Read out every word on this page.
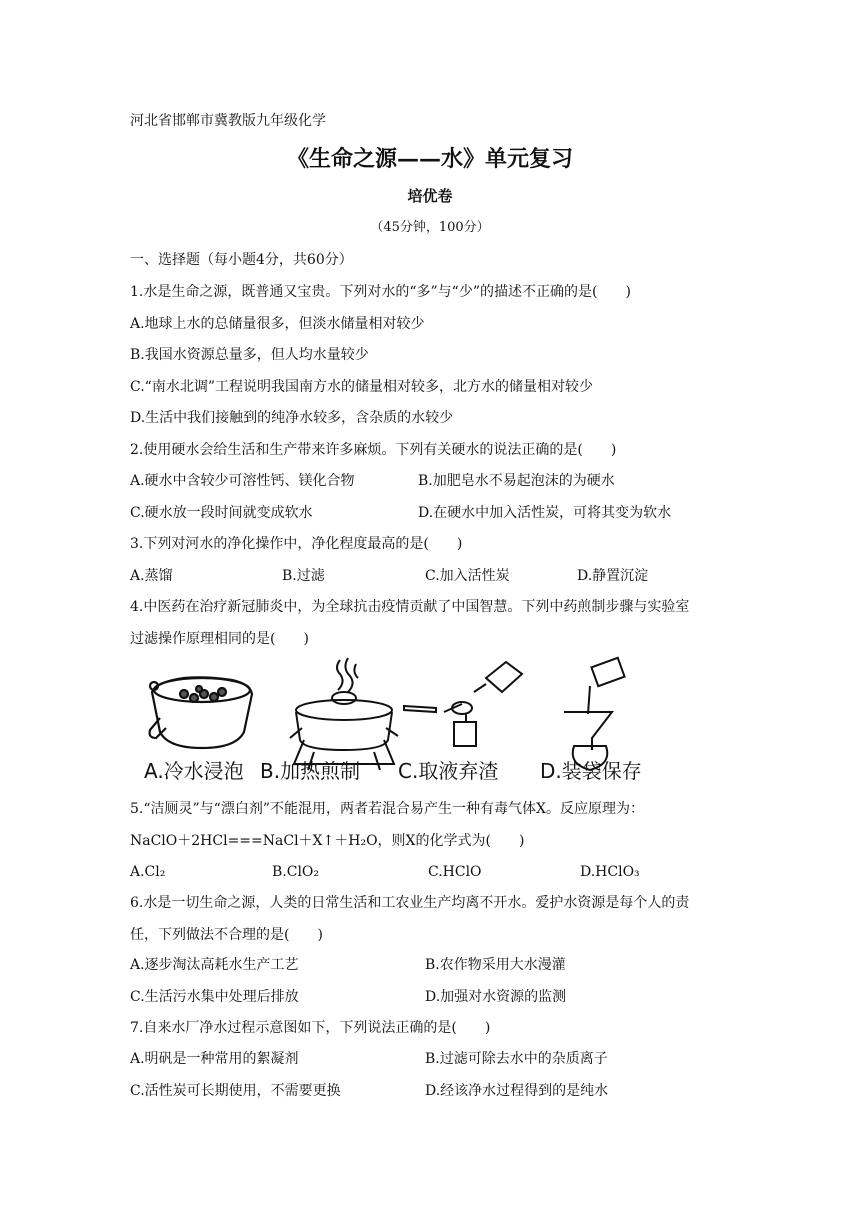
河北省邯郸市冀教版九年级化学
《生命之源——水》单元复习
培优卷
（45分钟，100分）
一、选择题（每小题4分，共60分）
1.水是生命之源，既普通又宝贵。下列对水的“多”与“少”的描述不正确的是(　　)
A.地球上水的总储量很多，但淡水储量相对较少
B.我国水资源总量多，但人均水量较少
C.“南水北调”工程说明我国南方水的储量相对较多，北方水的储量相对较少
D.生活中我们接触到的纯净水较多，含杂质的水较少
2.使用硬水会给生活和生产带来许多麻烦。下列有关硬水的说法正确的是(　　)
A.硬水中含较少可溶性钙、镁化合物	B.加肥皂水不易起泡沫的为硬水
C.硬水放一段时间就变成软水	D.在硬水中加入活性炭，可将其变为软水
3.下列对河水的净化操作中，净化程度最高的是(　　)
A.蒸馏	B.过滤	C.加入活性炭	D.静置沉淀
4.中医药在治疗新冠肺炎中，为全球抗击疫情贡献了中国智慧。下列中药煎制步骤与实验室
过滤操作原理相同的是(　　)
A.冷水浸泡 B.加热煎制 C.取液弃渣 D.装袋保存
5.“洁厕灵”与“漂白剂”不能混用，两者若混合易产生一种有毒气体X。反应原理为：
NaClO＋2HCl===NaCl＋X↑＋H₂O，则X的化学式为(　　)
A.Cl₂	B.ClO₂	C.HClO	D.HClO₃
6.水是一切生命之源，人类的日常生活和工农业生产均离不开水。爱护水资源是每个人的责
任，下列做法不合理的是(　　)
A.逐步淘汰高耗水生产工艺	B.农作物采用大水漫灌
C.生活污水集中处理后排放	D.加强对水资源的监测
7.自来水厂净水过程示意图如下，下列说法正确的是(　　)
A.明矾是一种常用的絮凝剂	B.过滤可除去水中的杂质离子
C.活性炭可长期使用，不需要更换	D.经该净水过程得到的是纯水
